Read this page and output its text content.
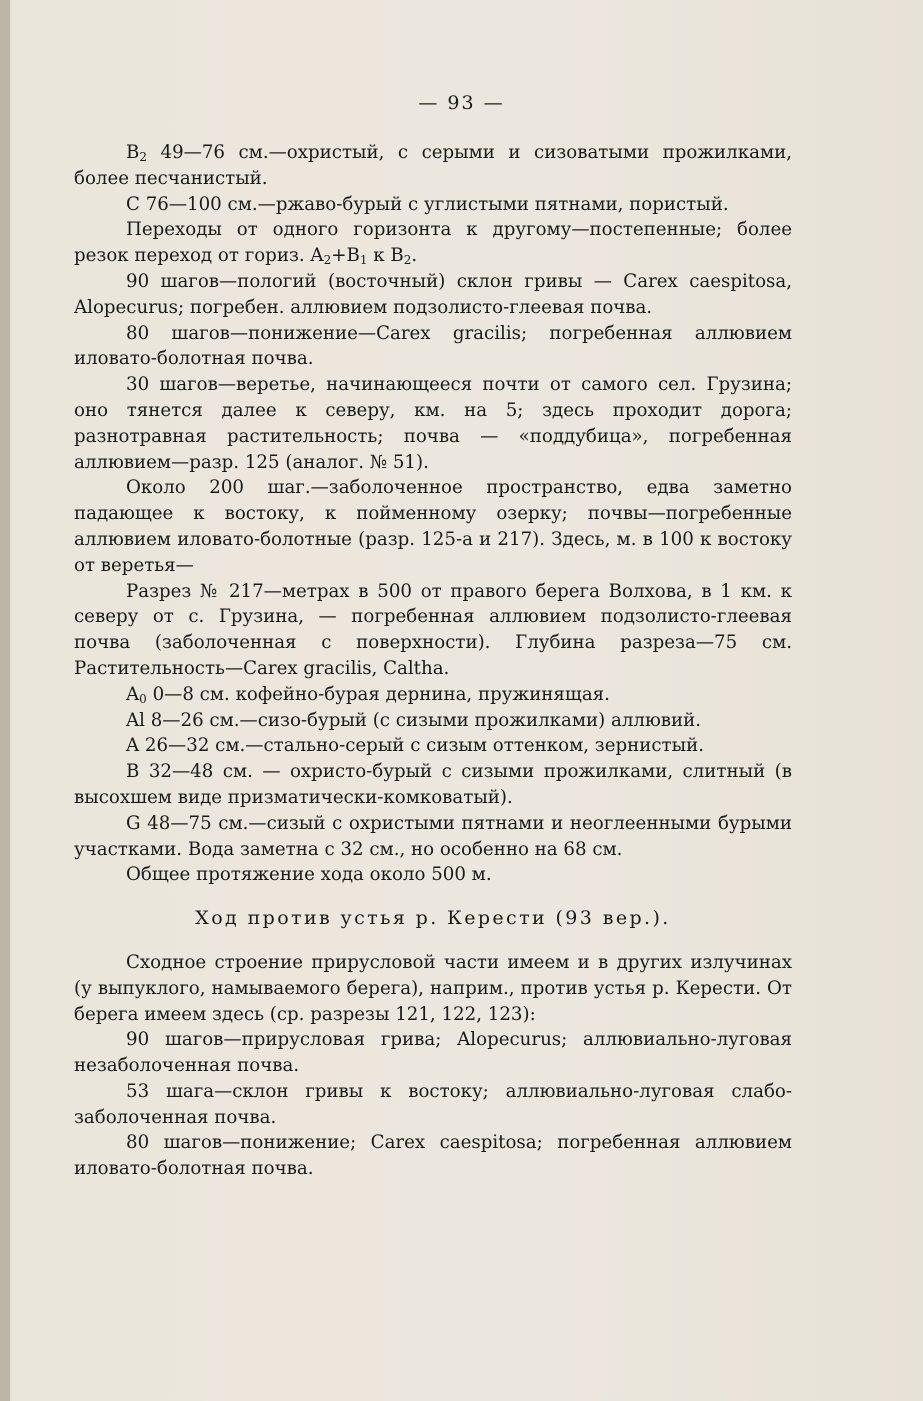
— 93 —

$B_2$ 49—76 см.—охристый, с серыми и сизоватыми прожилками, более песчанистый.

С 76—100 см.—ржаво-бурый с углистыми пятнами, пористый.

Переходы от одного горизонта к другому—постепенные; более резок переход от гориз. $A_2+B_1$ к $B_2$.

90 шагов—пологий (восточный) склон гривы — Carex caespitosa, Alopecurus; погребен. аллювием подзолисто-глеевая почва.

80 шагов—понижение—Carex gracilis; погребенная аллювием иловато-болотная почва.

30 шагов—веретье, начинающееся почти от самого сел. Грузина; оно тянется далее к северу, км. на 5; здесь проходит дорога; разнотравная растительность; почва — «поддубица», погребенная аллювием—разр. 125 (аналог. № 51).

Около 200 шаг.—заболоченное пространство, едва заметно падающее к востоку, к пойменному озерку; почвы—погребенные аллювием иловато-болотные (разр. 125-а и 217). Здесь, м. в 100 к востоку от веретья—

Разрез № 217—метрах в 500 от правого берега Волхова, в 1 км. к северу от с. Грузина, — погребенная аллювием подзолисто-глеевая почва (заболоченная с поверхности). Глубина разреза—75 см. Растительность—Carex gracilis, Caltha.

$A_0$ 0—8 см. кофейно-бурая дернина, пружинящая.

Al 8—26 см.—сизо-бурый (с сизыми прожилками) аллювий.

A 26—32 см.—стально-серый с сизым оттенком, зернистый.

B 32—48 см. — охристо-бурый с сизыми прожилками, слитный (в высохшем виде призматически-комковатый).

G 48—75 см.—сизый с охристыми пятнами и неоглеенными бурыми участками. Вода заметна с 32 см., но особенно на 68 см.

Общее протяжение хода около 500 м.

Ход против устья р. Керести (93 вер.).

Сходное строение прирусловой части имеем и в других излучинах (у выпуклого, намываемого берега), наприм., против устья р. Керести. От берега имеем здесь (ср. разрезы 121, 122, 123):

90 шагов—прирусловая грива; Alopecurus; аллювиально-луговая незаболоченная почва.

53 шага—склон гривы к востоку; аллювиально-луговая слабо-заболоченная почва.

80 шагов—понижение; Carex caespitosa; погребенная аллювием иловато-болотная почва.
